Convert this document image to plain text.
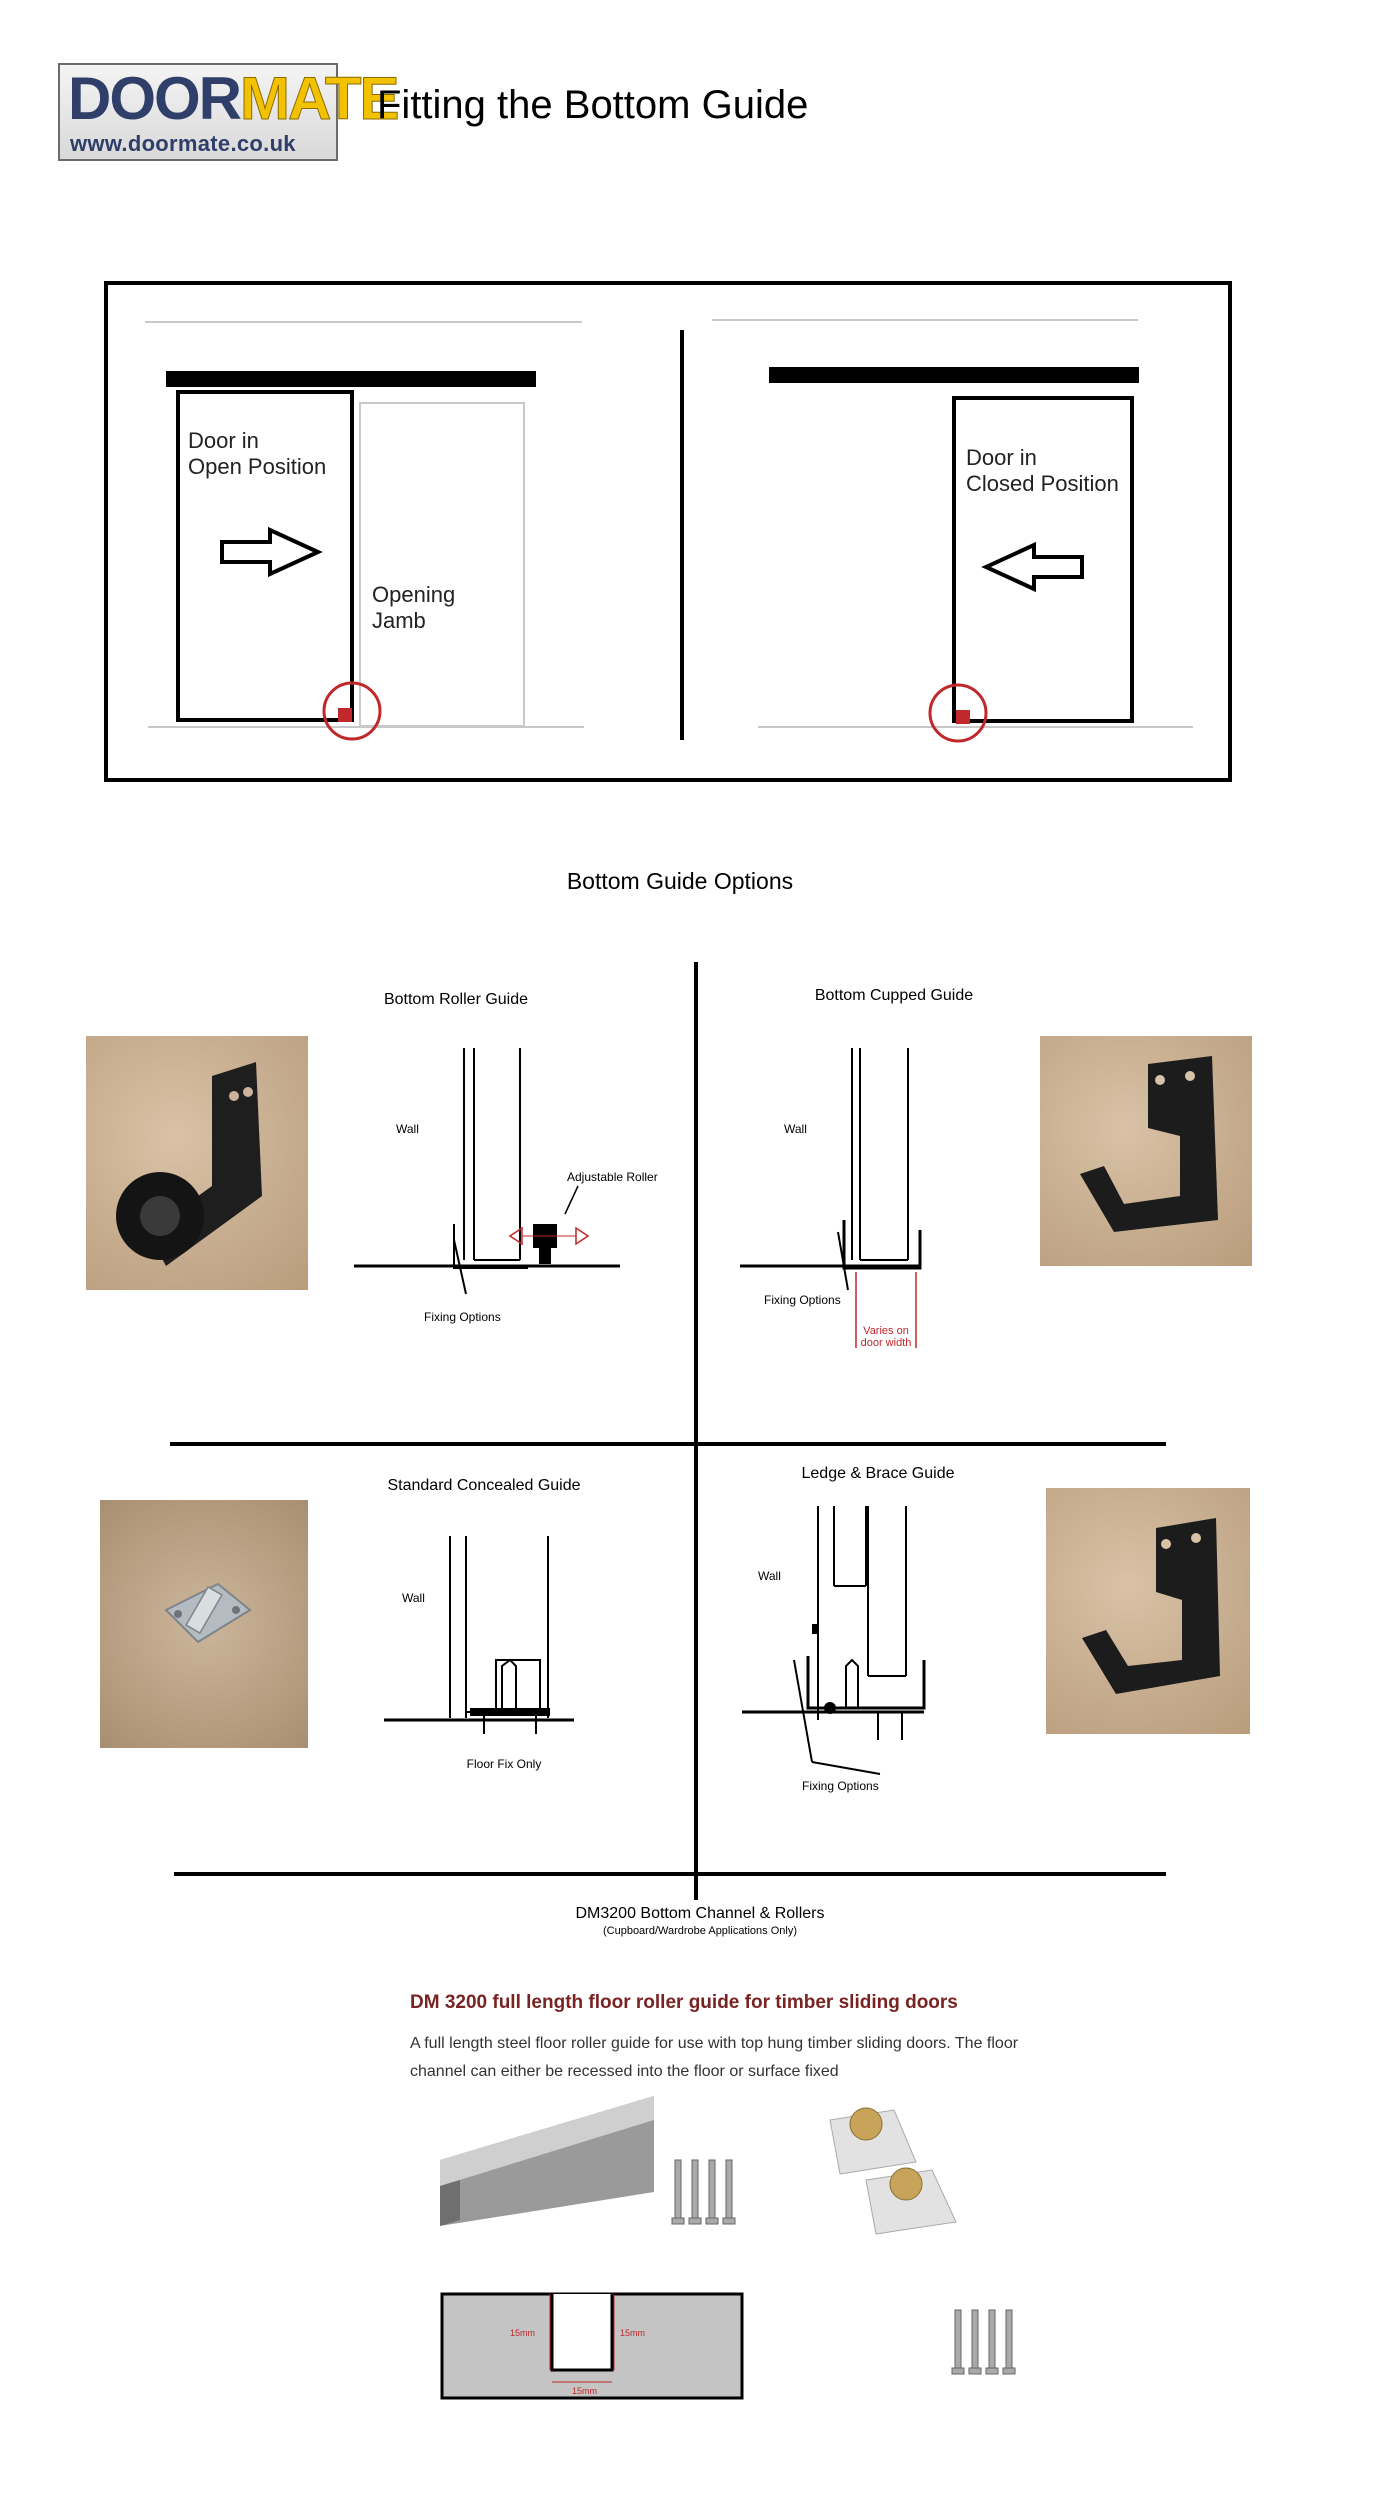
DOORMATE
www.doormate.co.uk
Fitting the Bottom Guide
Door in
Open Position
Opening
Jamb
Door in
Closed Position
Bottom Guide Options
Bottom Roller Guide
Wall
Adjustable Roller
Fixing Options
Bottom Cupped Guide
Wall
Fixing Options
Varies on
door width
Standard Concealed Guide
Wall
Floor Fix Only
Ledge & Brace Guide
Wall
Fixing Options
DM3200 Bottom Channel & Rollers
(Cupboard/Wardrobe Applications Only)
DM 3200 full length floor roller guide for timber sliding doors
A full length steel floor roller guide for use with top hung timber sliding doors. The floor
channel can either be recessed into the floor or surface fixed
15mm	15mm
15mm
